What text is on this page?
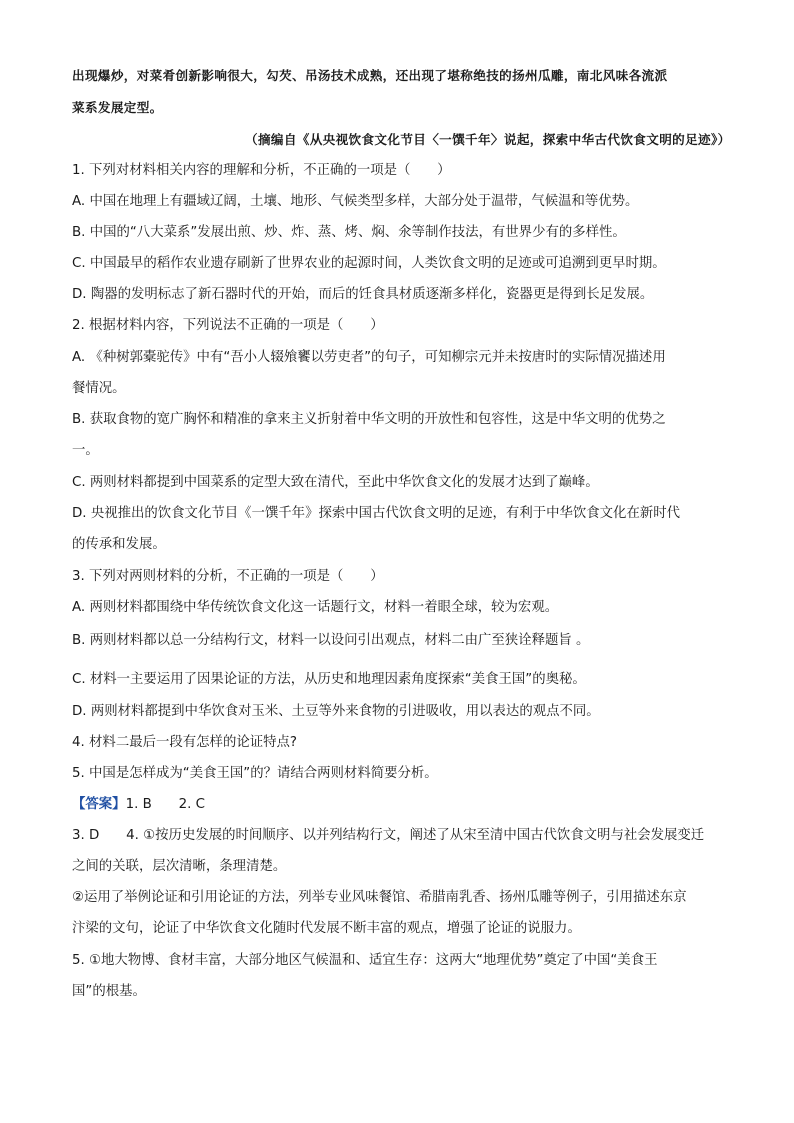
出现爆炒，对菜肴创新影响很大，勾芡、吊汤技术成熟，还出现了堪称绝技的扬州瓜雕，南北风味各流派
菜系发展定型。
（摘编自《从央视饮食文化节目〈一馔千年〉说起，探索中华古代饮食文明的足迹》）
1. 下列对材料相关内容的理解和分析，不正确的一项是（　　）
A. 中国在地理上有疆域辽阔，土壤、地形、气候类型多样，大部分处于温带，气候温和等优势。
B. 中国的“八大菜系”发展出煎、炒、炸、蒸、烤、焖、氽等制作技法，有世界少有的多样性。
C. 中国最早的稻作农业遗存刷新了世界农业的起源时间，人类饮食文明的足迹或可追溯到更早时期。
D. 陶器的发明标志了新石器时代的开始，而后的饪食具材质逐渐多样化，瓷器更是得到长足发展。
2. 根据材料内容，下列说法不正确的一项是（　　）
A. 《种树郭橐驼传》中有“吾小人辍飧饔以劳吏者”的句子，可知柳宗元并未按唐时的实际情况描述用
餐情况。
B. 获取食物的宽广胸怀和精准的拿来主义折射着中华文明的开放性和包容性，这是中华文明的优势之
一。
C. 两则材料都提到中国菜系的定型大致在清代，至此中华饮食文化的发展才达到了巅峰。
D. 央视推出的饮食文化节目《一馔千年》探索中国古代饮食文明的足迹，有利于中华饮食文化在新时代
的传承和发展。
3. 下列对两则材料的分析，不正确的一项是（　　）
A. 两则材料都围绕中华传统饮食文化这一话题行文，材料一着眼全球，较为宏观。
B. 两则材料都以总一分结构行文，材料一以设问引出观点，材料二由广至狭诠释题旨 。
C. 材料一主要运用了因果论证的方法，从历史和地理因素角度探索“美食王国”的奥秘。
D. 两则材料都提到中华饮食对玉米、土豆等外来食物的引进吸收，用以表达的观点不同。
4. 材料二最后一段有怎样的论证特点?
5. 中国是怎样成为“美食王国”的？请结合两则材料简要分析。
【答案】1. B　　2. C
3. D　　4. ①按历史发展的时间顺序、以并列结构行文，阐述了从宋至清中国古代饮食文明与社会发展变迁
之间的关联，层次清晰，条理清楚。
②运用了举例论证和引用论证的方法，列举专业风味餐馆、希腊南乳香、扬州瓜雕等例子，引用描述东京
汴梁的文句，论证了中华饮食文化随时代发展不断丰富的观点，增强了论证的说服力。
5. ①地大物博、食材丰富，大部分地区气候温和、适宜生存：这两大“地理优势”奠定了中国“美食王
国”的根基。
